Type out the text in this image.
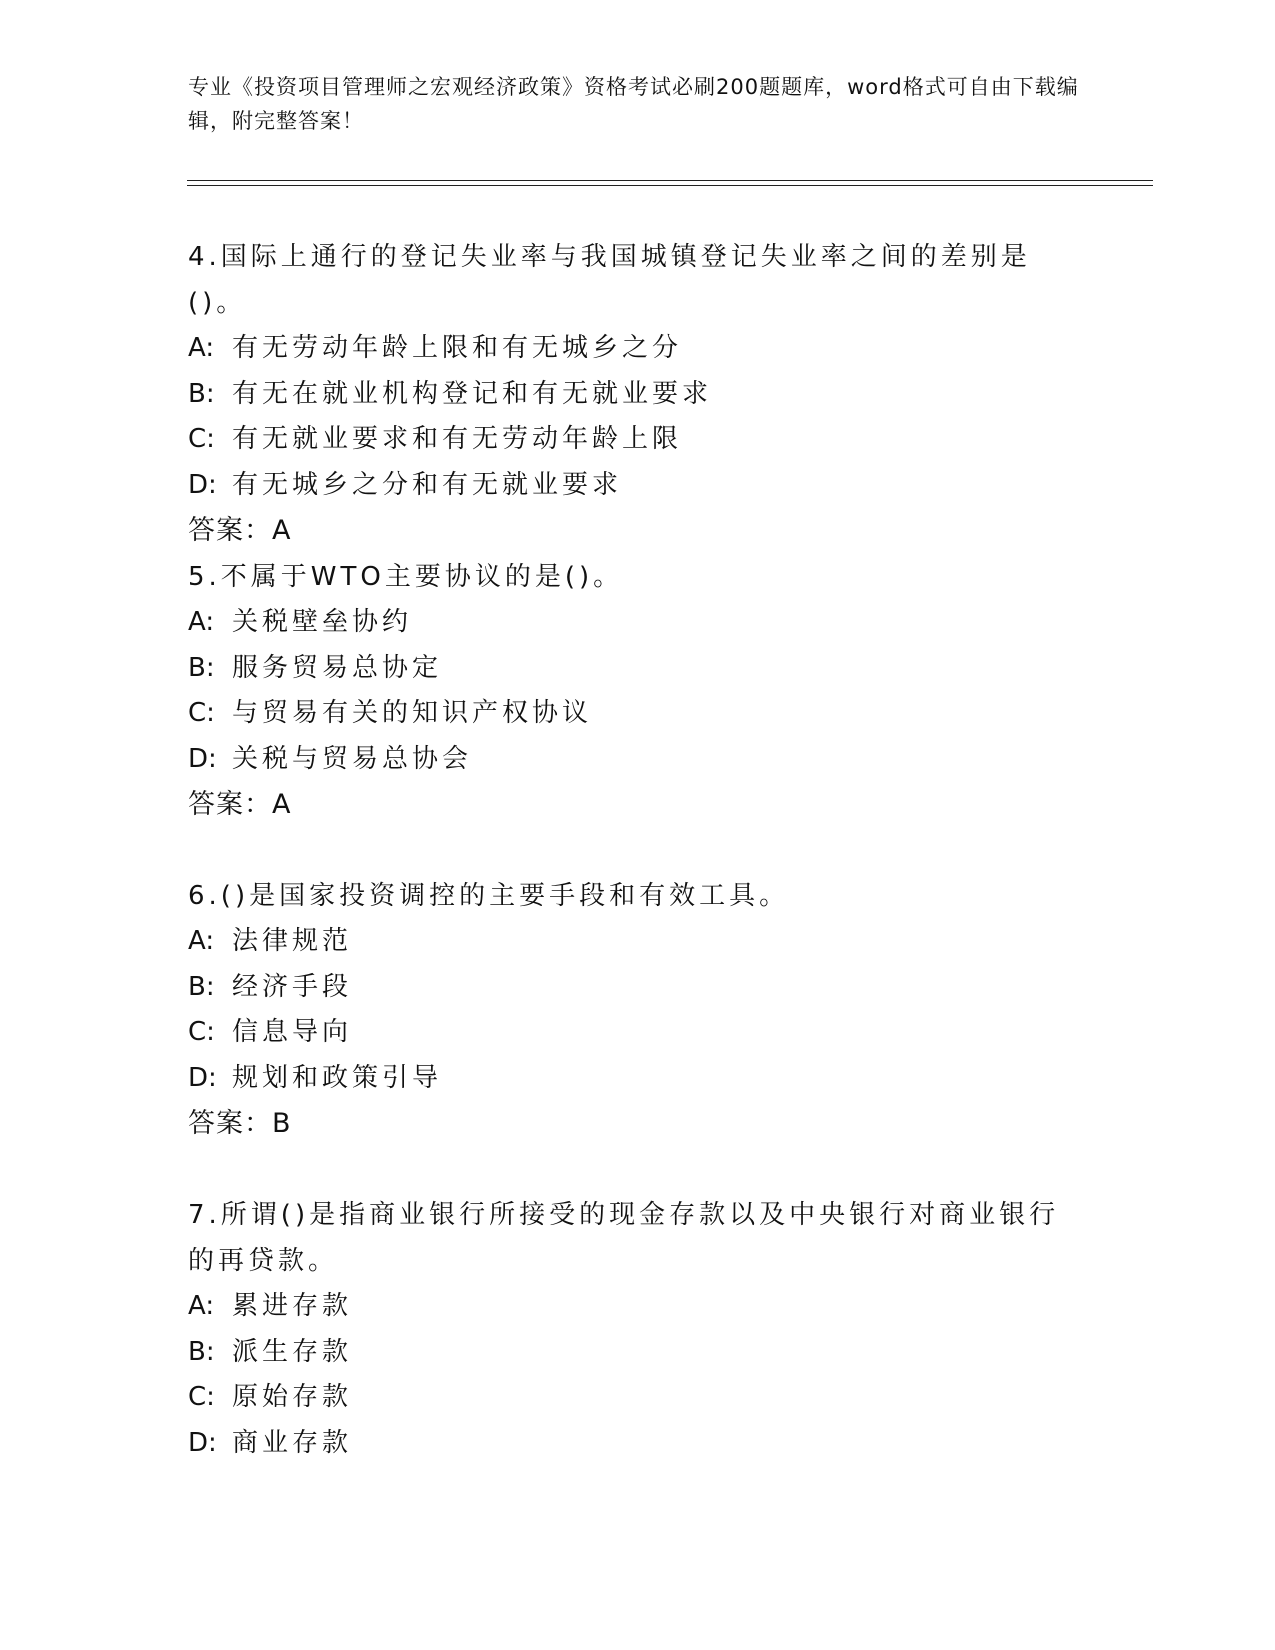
专业《投资项目管理师之宏观经济政策》资格考试必刷200题题库，word格式可自由下载编辑，附完整答案！

4.国际上通行的登记失业率与我国城镇登记失业率之间的差别是()。

A: 有无劳动年龄上限和有无城乡之分

B: 有无在就业机构登记和有无就业要求

C: 有无就业要求和有无劳动年龄上限

D: 有无城乡之分和有无就业要求

答案：A

5.不属于WTO主要协议的是()。

A: 关税壁垒协约

B: 服务贸易总协定

C: 与贸易有关的知识产权协议

D: 关税与贸易总协会

答案：A

6.()是国家投资调控的主要手段和有效工具。

A: 法律规范

B: 经济手段

C: 信息导向

D: 规划和政策引导

答案：B

7.所谓()是指商业银行所接受的现金存款以及中央银行对商业银行的再贷款。

A: 累进存款

B: 派生存款

C: 原始存款

D: 商业存款
